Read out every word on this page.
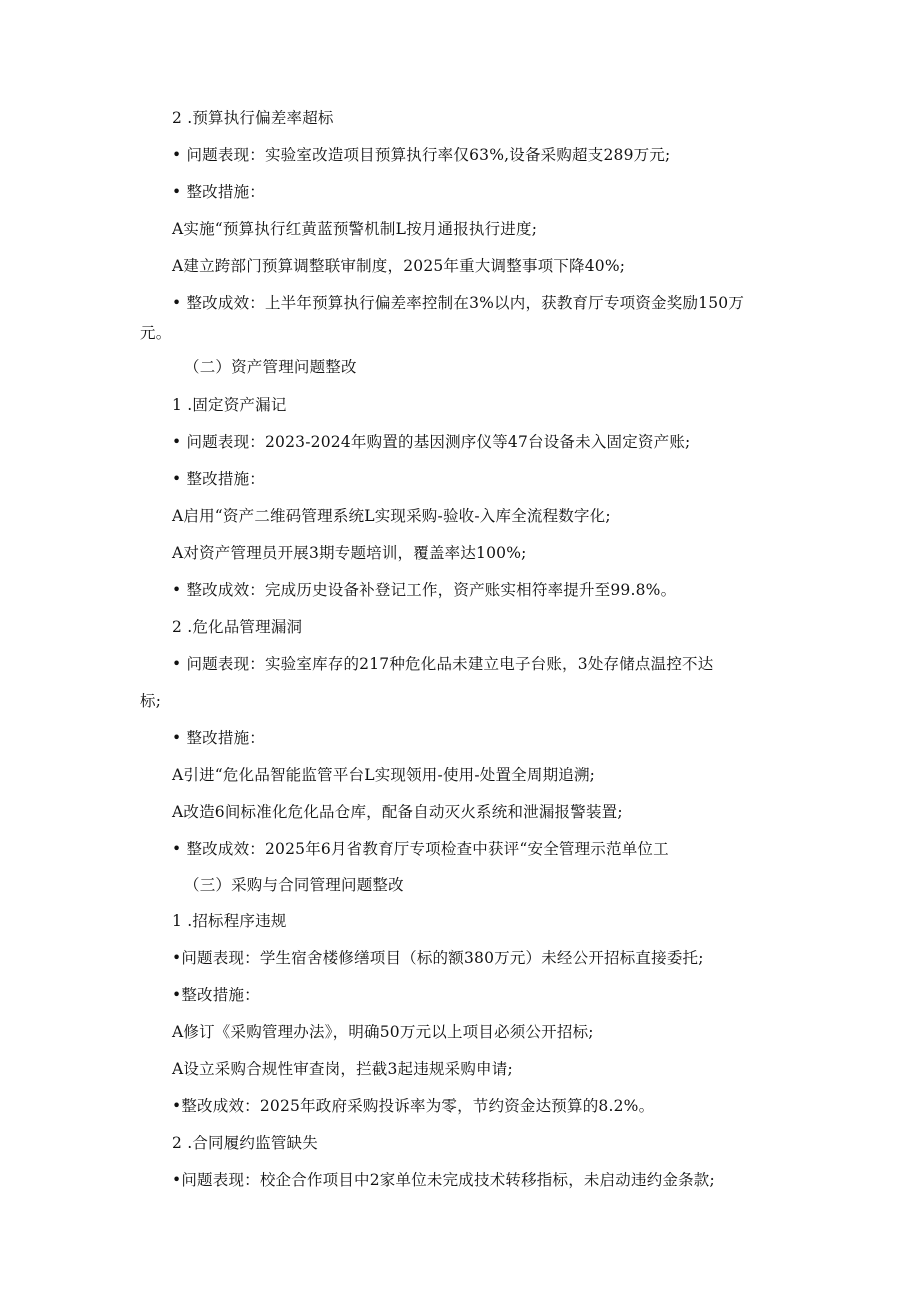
2 .预算执行偏差率超标
• 问题表现：实验室改造项目预算执行率仅63%,设备采购超支289万元;
• 整改措施：
A实施“预算执行红黄蓝预警机制L按月通报执行进度;
A建立跨部门预算调整联审制度，2025年重大调整事项下降40%;
• 整改成效：上半年预算执行偏差率控制在3%以内，获教育厅专项资金奖励150万
元。
（二）资产管理问题整改
1 .固定资产漏记
• 问题表现：2023-2024年购置的基因测序仪等47台设备未入固定资产账;
• 整改措施：
A启用“资产二维码管理系统L实现采购-验收-入库全流程数字化;
A对资产管理员开展3期专题培训，覆盖率达100%;
• 整改成效：完成历史设备补登记工作，资产账实相符率提升至99.8%。
2 .危化品管理漏洞
• 问题表现：实验室库存的217种危化品未建立电子台账，3处存储点温控不达
标;
• 整改措施：
A引进“危化品智能监管平台L实现领用-使用-处置全周期追溯;
A改造6间标准化危化品仓库，配备自动灭火系统和泄漏报警装置;
• 整改成效：2025年6月省教育厅专项检查中获评“安全管理示范单位工
（三）采购与合同管理问题整改
1 .招标程序违规
•问题表现：学生宿舍楼修缮项目（标的额380万元）未经公开招标直接委托;
•整改措施：
A修订《采购管理办法》，明确50万元以上项目必须公开招标;
A设立采购合规性审查岗，拦截3起违规采购申请;
•整改成效：2025年政府采购投诉率为零，节约资金达预算的8.2%。
2 .合同履约监管缺失
•问题表现：校企合作项目中2家单位未完成技术转移指标，未启动违约金条款;
